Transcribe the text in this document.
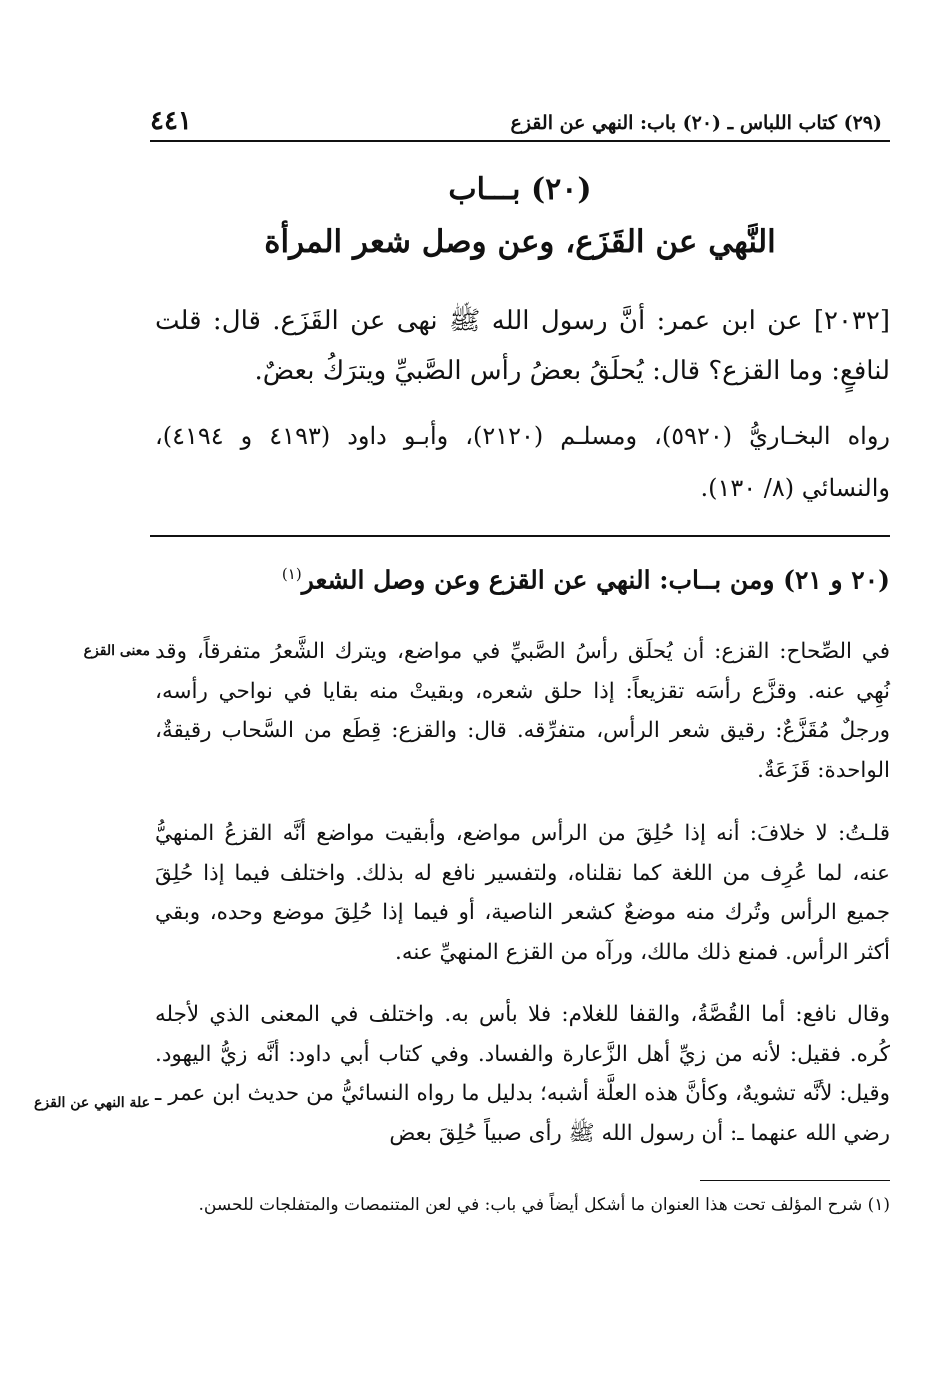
(٢٩) كتاب اللباس ـ (٢٠) باب: النهي عن القزع
٤٤١
(٢٠) بـــاب
النَّهي عن القَزَع، وعن وصل شعر المرأة
[٢٠٣٢] عن ابن عمر: أنَّ رسول الله ﷺ نهى عن القَزَع. قال: قلت لنافعٍ: وما القزع؟ قال: يُحلَقُ بعضُ رأس الصَّبيِّ ويترَكُ بعضٌ.
رواه البخـاريُّ (٥٩٢٠)، ومسلـم (٢١٢٠)، وأبـو داود (٤١٩٣ و ٤١٩٤)، والنسائي (٨/ ١٣٠).
(٢٠ و ٢١) ومن بــاب: النهي عن القزع وعن وصل الشعر$^{(١)}$
في الصِّحاح: القزع: أن يُحلَق رأسُ الصَّبيِّ في مواضع، ويترك الشَّعرُ متفرقاً، وقد نُهِي عنه. وقزَّع رأسَه تقزيعاً: إذا حلق شعره، وبقيتْ منه بقايا في نواحي رأسه، ورجلٌ مُقَزَّعٌ: رقيق شعر الرأس، متفرِّقه. قال: والقزع: قِطَع من السَّحاب رقيقةٌ، الواحدة: قَزَعَةٌ.
قلـتُ: لا خلافَ: أنه إذا حُلِقَ من الرأس مواضع، وأبقيت مواضع أنَّه القزعُ المنهيُّ عنه، لما عُرِف من اللغة كما نقلناه، ولتفسير نافع له بذلك. واختلف فيما إذا حُلِقَ جميع الرأس وتُرك منه موضعٌ كشعر الناصية، أو فيما إذا حُلِقَ موضع وحده، وبقي أكثر الرأس. فمنع ذلك مالك، ورآه من القزع المنهيِّ عنه.
وقال نافع: أما القُصَّةُ، والقفا للغلام: فلا بأس به. واختلف في المعنى الذي لأجله كُره. فقيل: لأنه من زيِّ أهل الزَّعارة والفساد. وفي كتاب أبي داود: أنَّه زيُّ اليهود. وقيل: لأنَّه تشويهٌ، وكأنَّ هذه العلَّة أشبه؛ بدليل ما رواه النسائيُّ من حديث ابن عمر ـ رضي الله عنهما ـ: أن رسول الله ﷺ رأى صبياً حُلِقَ بعض
معنى القزع
علة النهي عن القزع
(١) شرح المؤلف تحت هذا العنوان ما أشكل أيضاً في باب: في لعن المتنمصات والمتفلجات للحسن.
